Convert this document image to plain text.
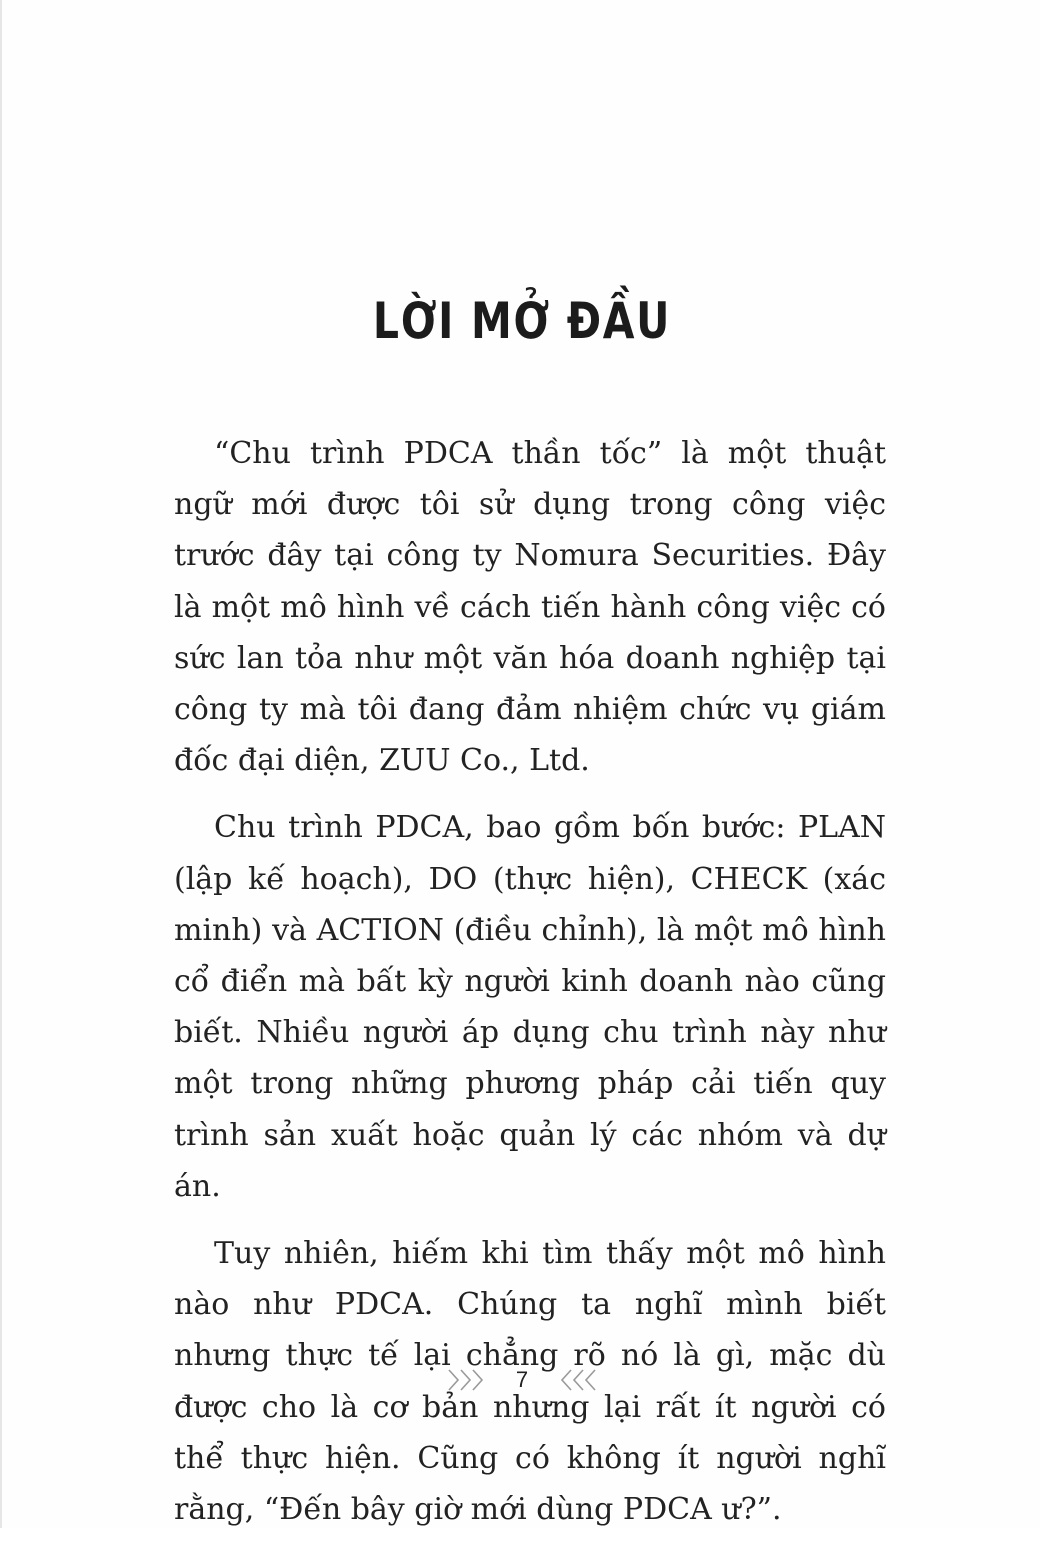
LỜI MỞ ĐẦU

“Chu trình PDCA thần tốc” là một thuật ngữ mới được tôi sử dụng trong công việc trước đây tại công ty Nomura Securities. Đây là một mô hình về cách tiến hành công việc có sức lan tỏa như một văn hóa doanh nghiệp tại công ty mà tôi đang đảm nhiệm chức vụ giám đốc đại diện, ZUU Co., Ltd.

Chu trình PDCA, bao gồm bốn bước: PLAN (lập kế hoạch), DO (thực hiện), CHECK (xác minh) và ACTION (điều chỉnh), là một mô hình cổ điển mà bất kỳ người kinh doanh nào cũng biết. Nhiều người áp dụng chu trình này như một trong những phương pháp cải tiến quy trình sản xuất hoặc quản lý các nhóm và dự án.

Tuy nhiên, hiếm khi tìm thấy một mô hình nào như PDCA. Chúng ta nghĩ mình biết nhưng thực tế lại chẳng rõ nó là gì, mặc dù được cho là cơ bản nhưng lại rất ít người có thể thực hiện. Cũng có không ít người nghĩ rằng, “Đến bây giờ mới dùng PDCA ư?”.

7
